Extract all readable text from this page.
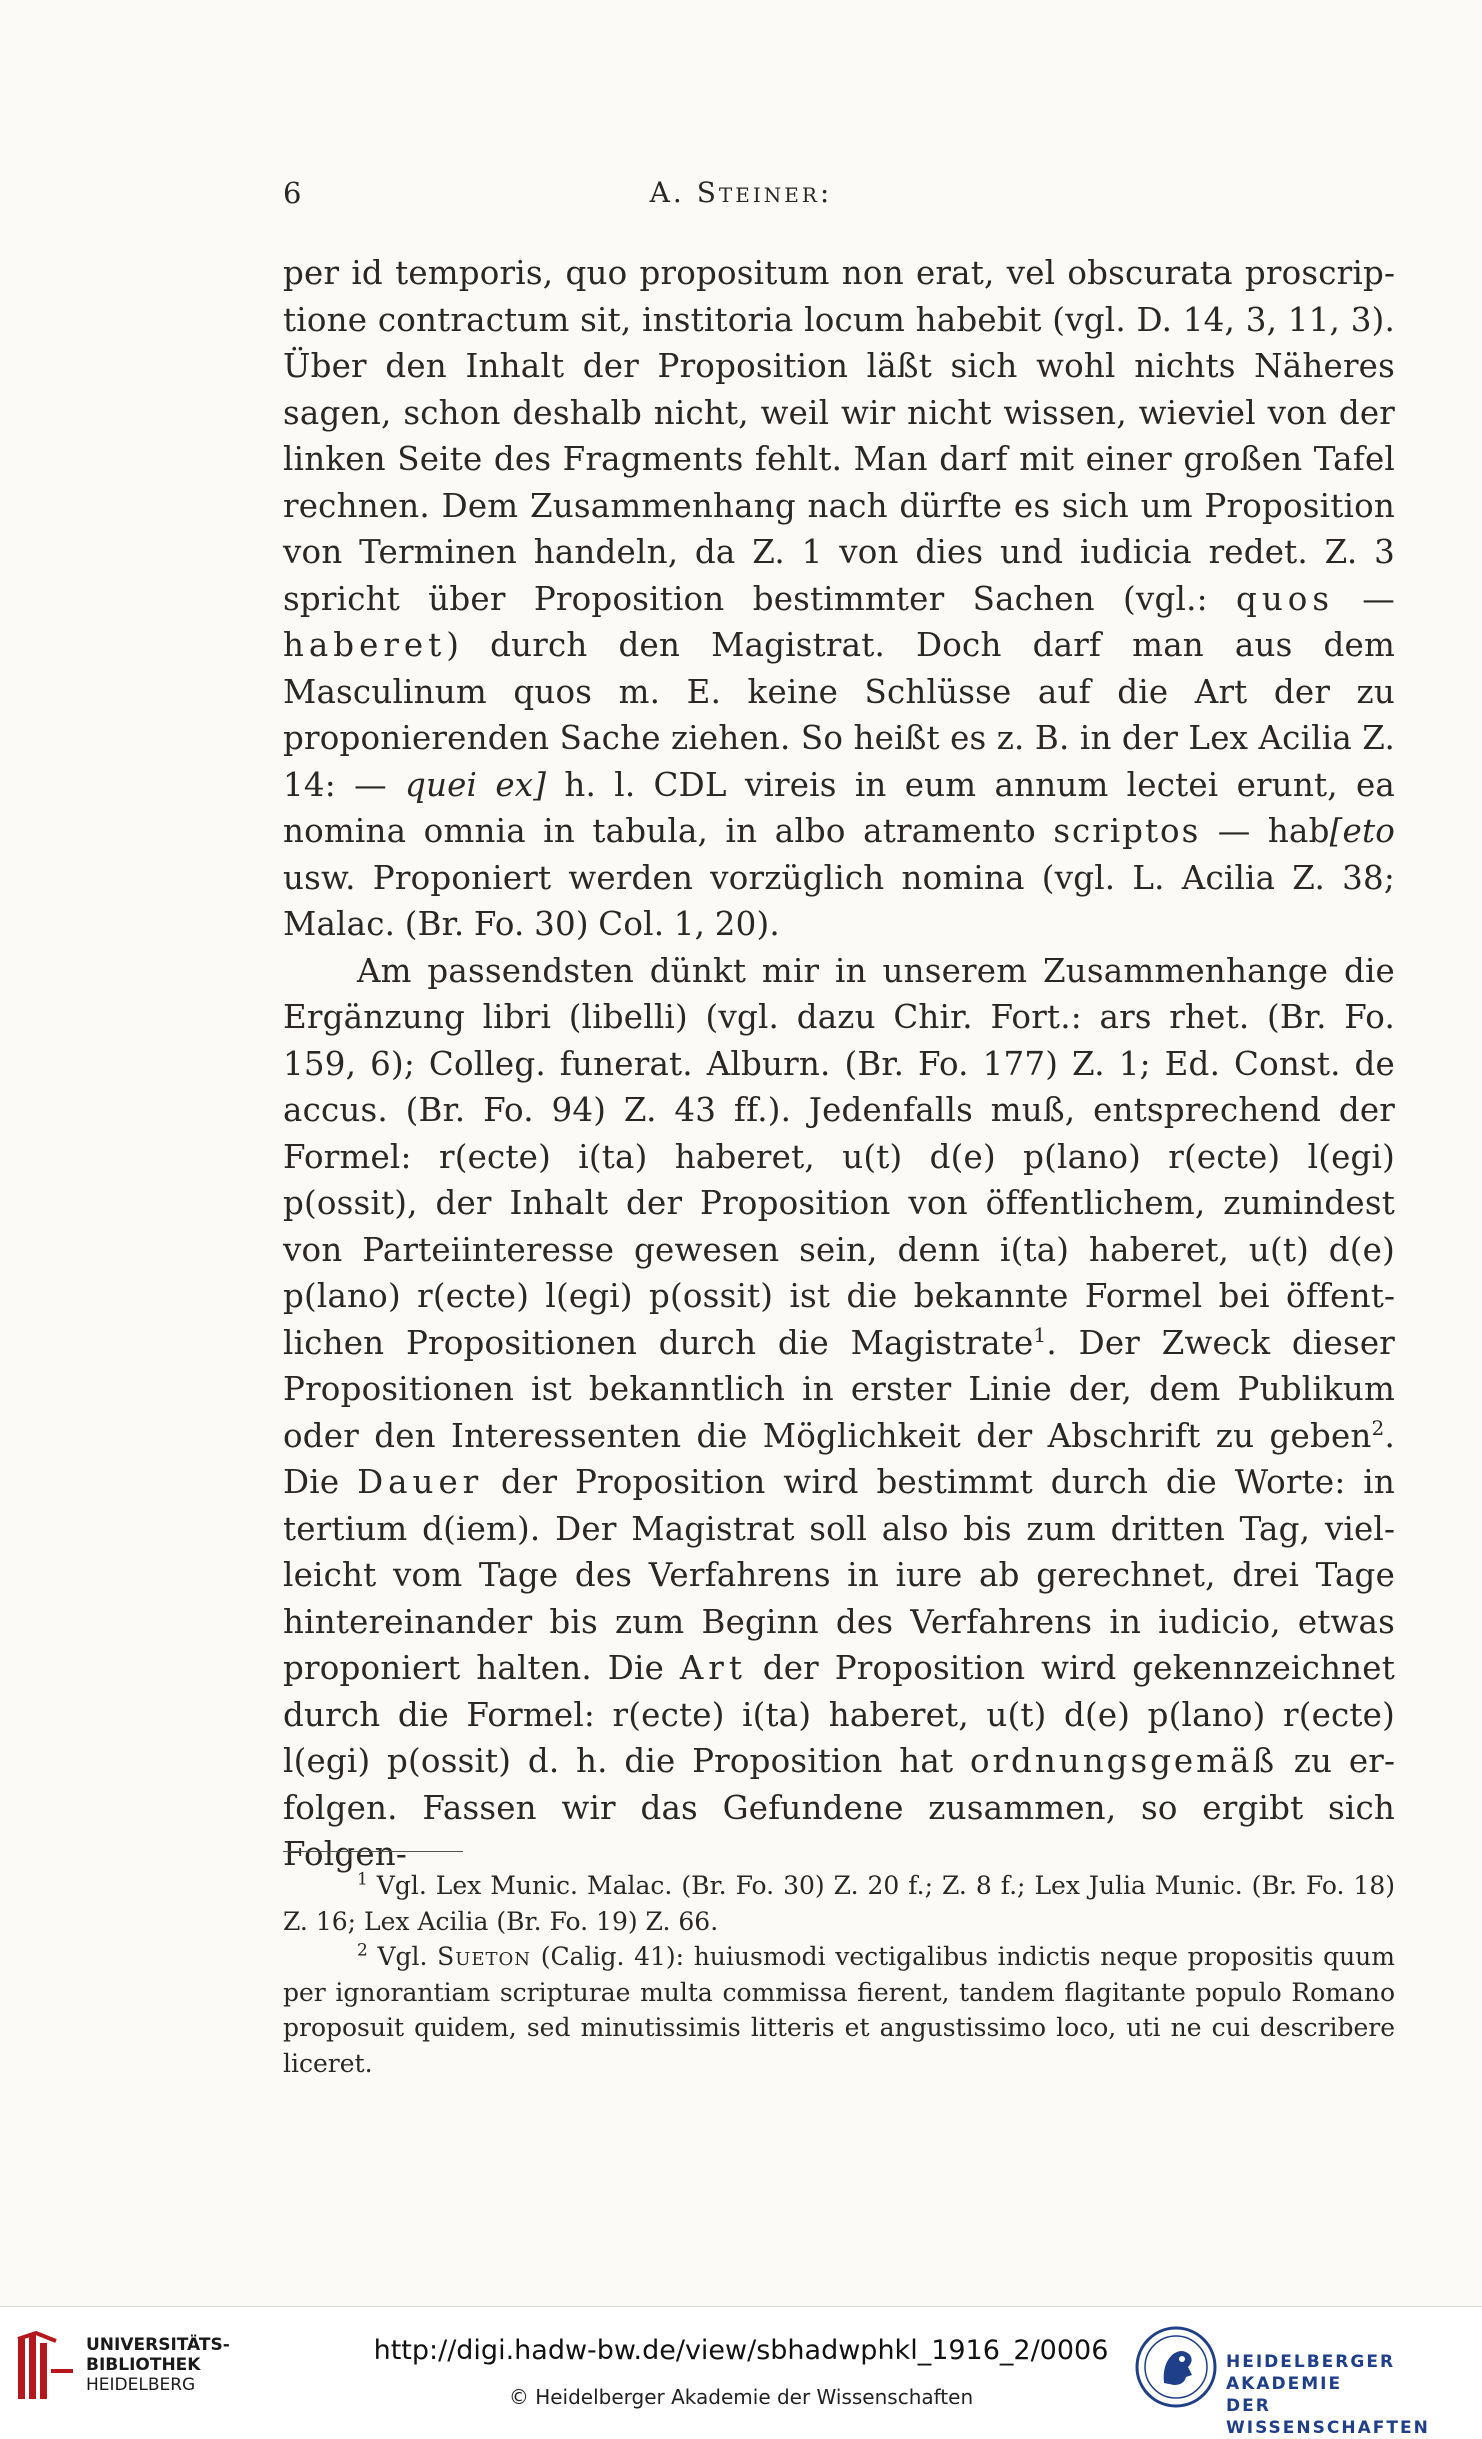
6	A. Steiner:

per id temporis, quo propositum non erat, vel obscurata proscriptione contractum sit, institoria locum habebit (vgl. D. 14, 3, 11, 3). Über den Inhalt der Proposition läßt sich wohl nichts Näheres sagen, schon deshalb nicht, weil wir nicht wissen, wieviel von der linken Seite des Fragments fehlt. Man darf mit einer großen Tafel rechnen. Dem Zusammenhang nach dürfte es sich um Proposition von Terminen handeln, da Z. 1 von dies und iudicia redet. Z. 3 spricht über Proposition bestimmter Sachen (vgl.: quos — haberet) durch den Magistrat. Doch darf man aus dem Masculinum quos m. E. keine Schlüsse auf die Art der zu proponierenden Sache ziehen. So heißt es z. B. in der Lex Acilia Z. 14: — quei ex] h. l. CDL vireis in eum annum lectei erunt, ea nomina omnia in tabula, in albo atramento scriptos — hab[eto usw. Proponiert werden vorzüglich nomina (vgl. L. Acilia Z. 38; Malac. (Br. Fo. 30) Col. 1, 20).

Am passendsten dünkt mir in unserem Zusammenhange die Ergänzung libri (libelli) (vgl. dazu Chir. Fort.: ars rhet. (Br. Fo. 159, 6); Colleg. funerat. Alburn. (Br. Fo. 177) Z. 1; Ed. Const. de accus. (Br. Fo. 94) Z. 43 ff.). Jedenfalls muß, entsprechend der Formel: r(ecte) i(ta) haberet, u(t) d(e) p(lano) r(ecte) l(egi) p(ossit), der Inhalt der Proposition von öffentlichem, zumindest von Parteiinteresse gewesen sein, denn i(ta) haberet, u(t) d(e) p(lano) r(ecte) l(egi) p(ossit) ist die bekannte Formel bei öffentlichen Propositionen durch die Magistrate$^1$. Der Zweck dieser Propositionen ist bekanntlich in erster Linie der, dem Publikum oder den Interessenten die Möglichkeit der Abschrift zu geben$^2$. Die Dauer der Proposition wird bestimmt durch die Worte: in tertium d(iem). Der Magistrat soll also bis zum dritten Tag, vielleicht vom Tage des Verfahrens in iure ab gerechnet, drei Tage hintereinander bis zum Beginn des Verfahrens in iudicio, etwas proponiert halten. Die Art der Proposition wird gekennzeichnet durch die Formel: r(ecte) i(ta) haberet, u(t) d(e) p(lano) r(ecte) l(egi) p(ossit) d. h. die Proposition hat ordnungsgemäß zu erfolgen. Fassen wir das Gefundene zusammen, so ergibt sich Folgen-

$^1$ Vgl. Lex Munic. Malac. (Br. Fo. 30) Z. 20 f.; Z. 8 f.; Lex Julia Munic. (Br. Fo. 18) Z. 16; Lex Acilia (Br. Fo. 19) Z. 66.

$^2$ Vgl. Sueton (Calig. 41): huiusmodi vectigalibus indictis neque propositis quum per ignorantiam scripturae multa commissa fierent, tandem flagitante populo Romano proposuit quidem, sed minutissimis litteris et angustissimo loco, uti ne cui describere liceret.

UNIVERSITÄTS-
BIBLIOTHEK
HEIDELBERG
http://digi.hadw-bw.de/view/sbhadwphkl_1916_2/0006
© Heidelberger Akademie der Wissenschaften
HEIDELBERGER AKADEMIE
DER WISSENSCHAFTEN
